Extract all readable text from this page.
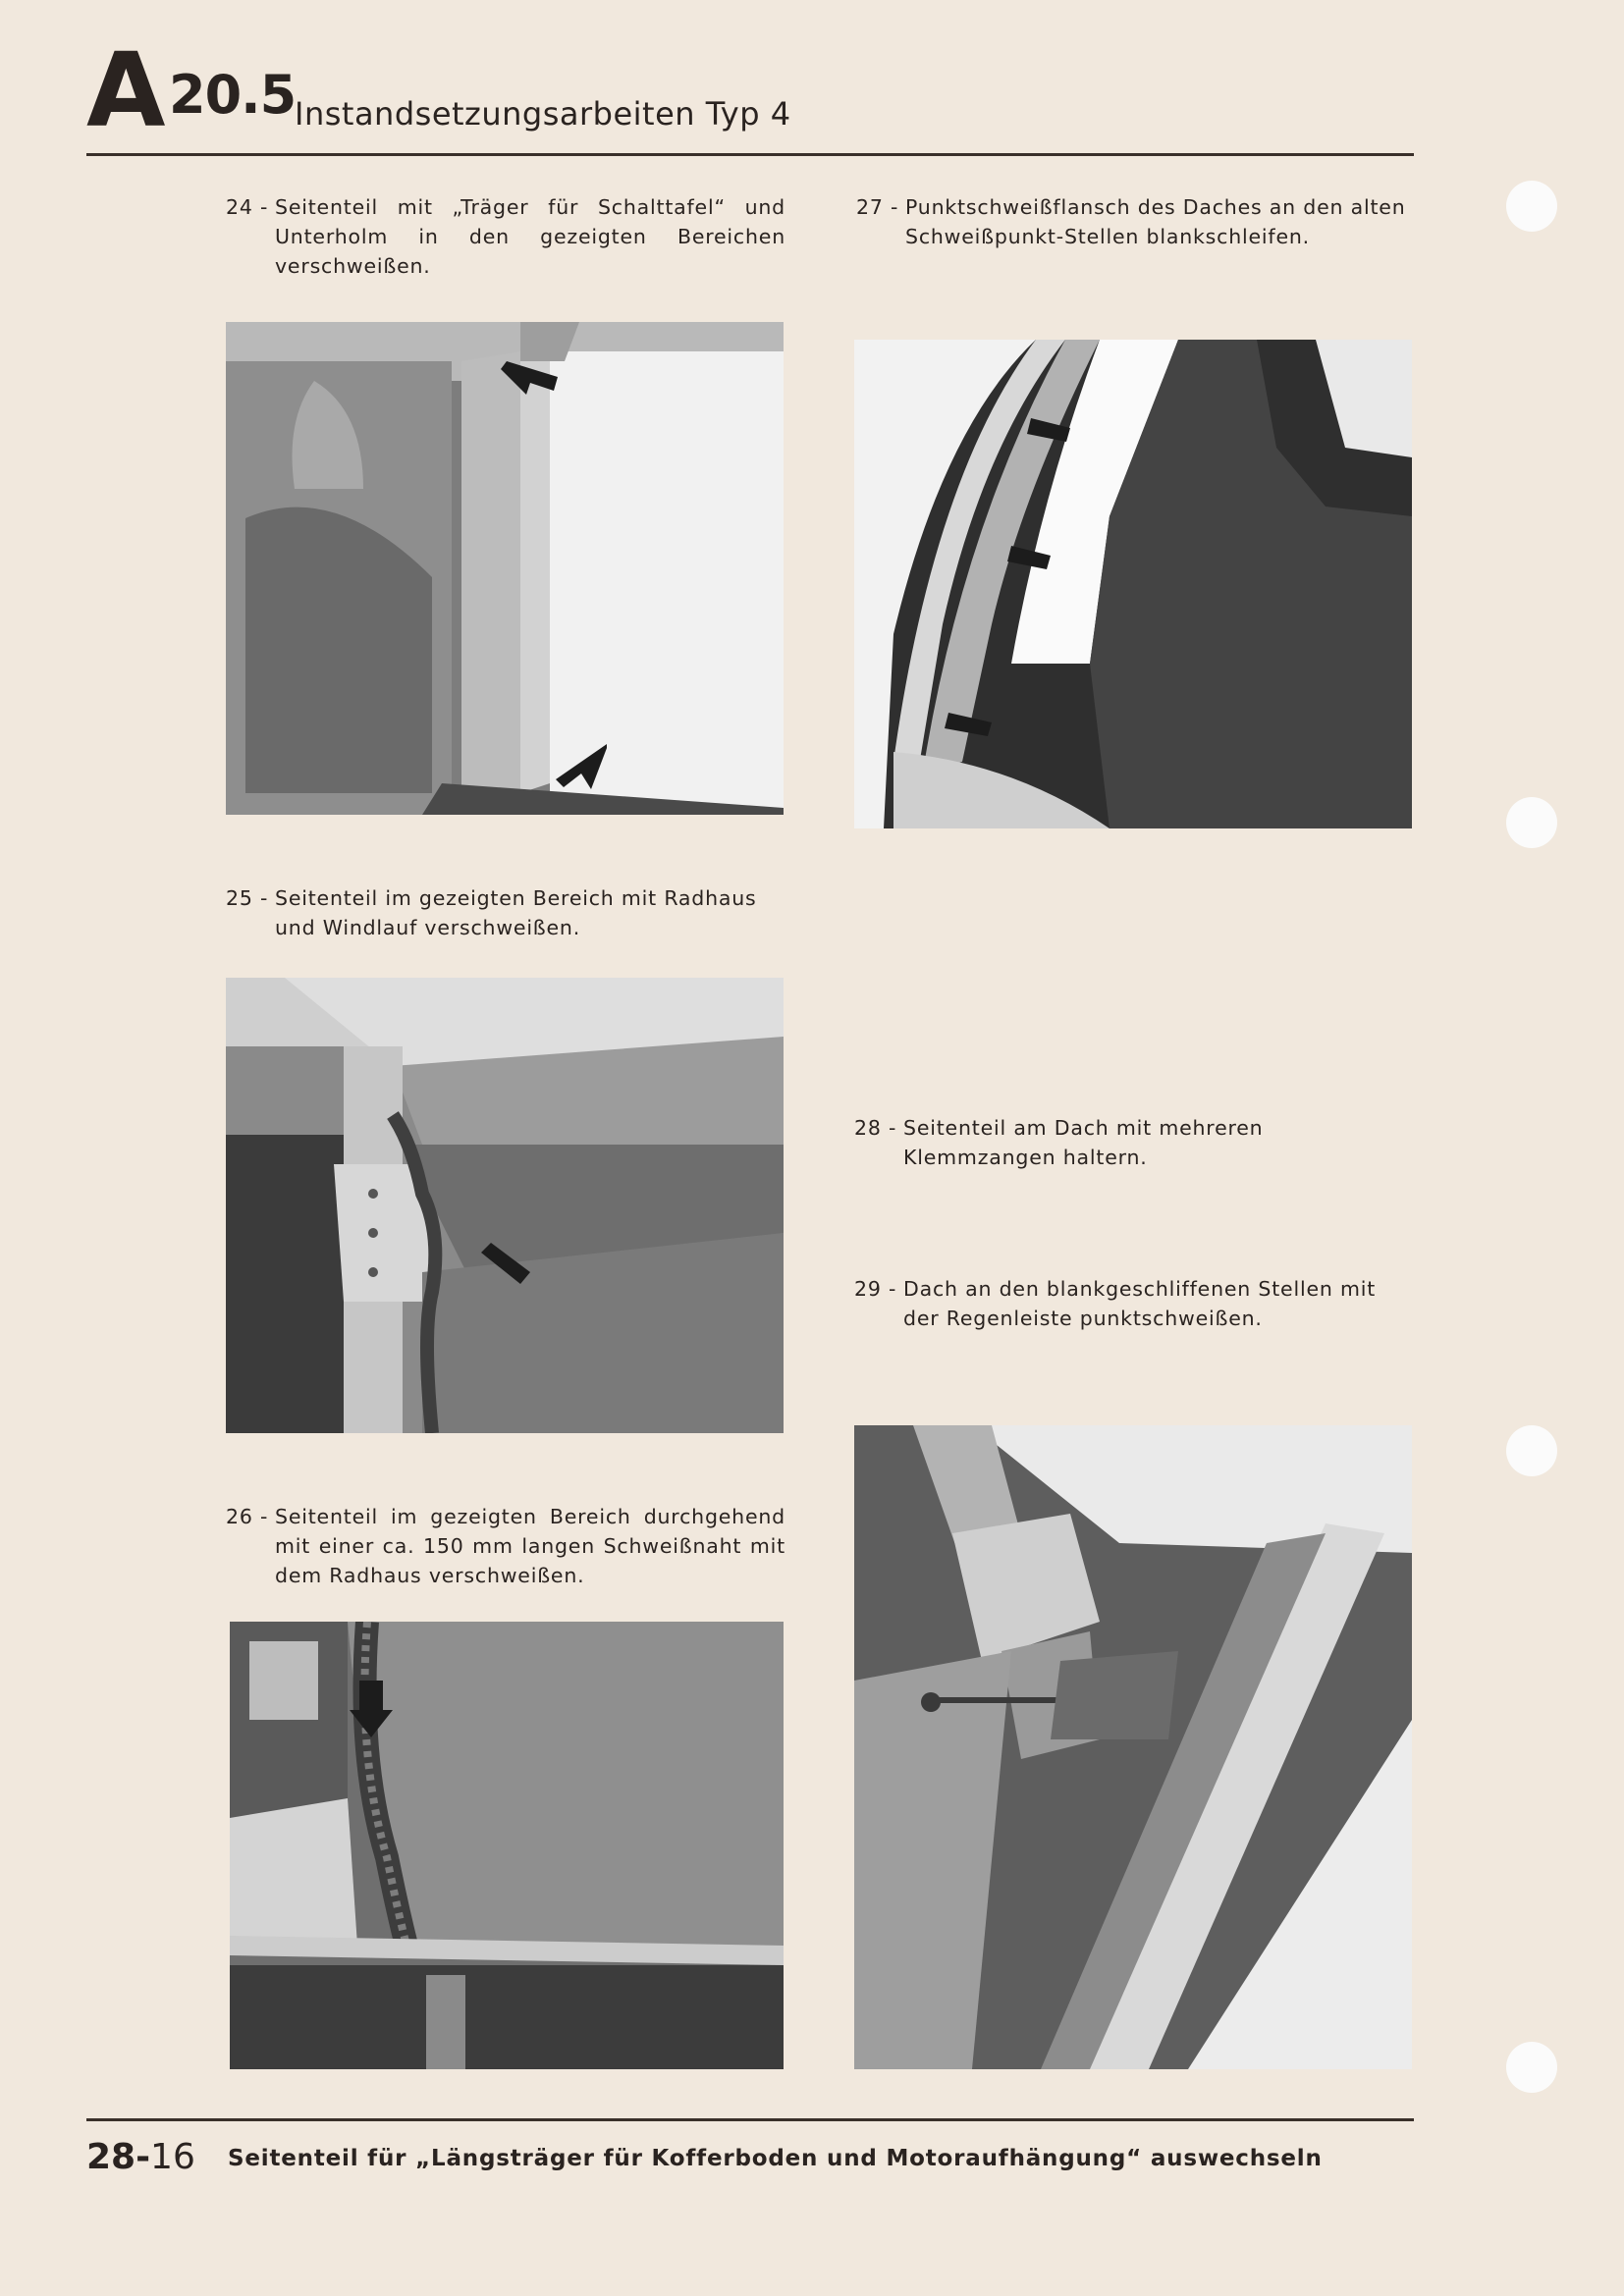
A 20.5
Instandsetzungsarbeiten Typ 4
24 - Seitenteil mit „Träger für Schalttafel“ und Unterholm in den gezeigten Bereichen verschweißen.
27 - Punktschweißflansch des Daches an den alten Schweißpunkt-Stellen blankschleifen.
25 - Seitenteil im gezeigten Bereich mit Radhaus und Windlauf verschweißen.
28 - Seitenteil am Dach mit mehreren Klemmzangen haltern.
29 - Dach an den blankgeschliffenen Stellen mit der Regenleiste punktschweißen.
26 - Seitenteil im gezeigten Bereich durchgehend mit einer ca. 150 mm langen Schweißnaht mit dem Radhaus verschweißen.
28-16 Seitenteil für „Längsträger für Kofferboden und Motoraufhängung“ auswechseln
